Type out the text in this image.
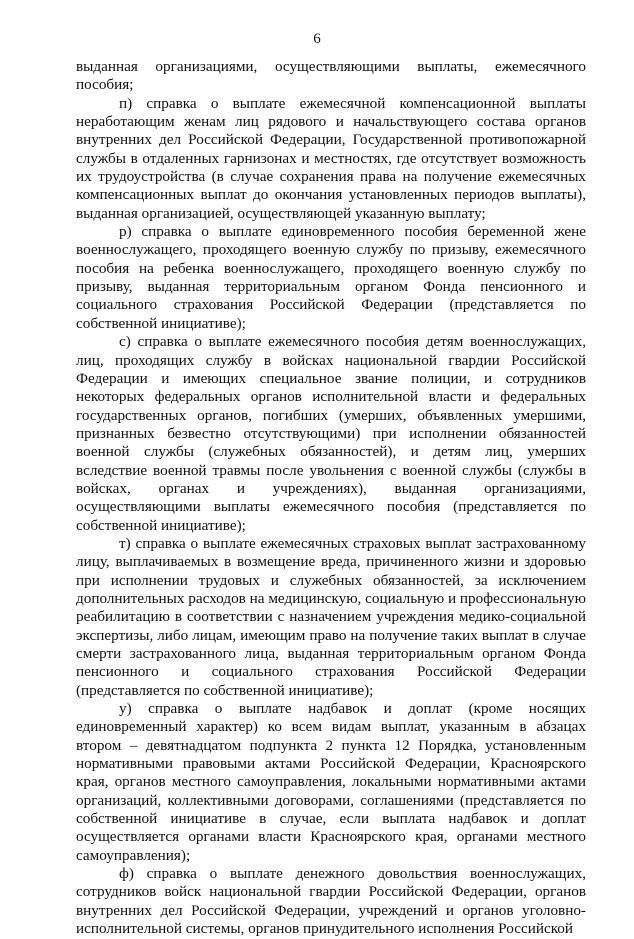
6

выданная организациями, осуществляющими выплаты, ежемесячного пособия;

п) справка о выплате ежемесячной компенсационной выплаты неработающим женам лиц рядового и начальствующего состава органов внутренних дел Российской Федерации, Государственной противопожарной службы в отдаленных гарнизонах и местностях, где отсутствует возможность их трудоустройства (в случае сохранения права на получение ежемесячных компенсационных выплат до окончания установленных периодов выплаты), выданная организацией, осуществляющей указанную выплату;

р) справка о выплате единовременного пособия беременной жене военнослужащего, проходящего военную службу по призыву, ежемесячного пособия на ребенка военнослужащего, проходящего военную службу по призыву, выданная территориальным органом Фонда пенсионного и социального страхования Российской Федерации (представляется по собственной инициативе);

с) справка о выплате ежемесячного пособия детям военнослужащих, лиц, проходящих службу в войсках национальной гвардии Российской Федерации и имеющих специальное звание полиции, и сотрудников некоторых федеральных органов исполнительной власти и федеральных государственных органов, погибших (умерших, объявленных умершими, признанных безвестно отсутствующими) при исполнении обязанностей военной службы (служебных обязанностей), и детям лиц, умерших вследствие военной травмы после увольнения с военной службы (службы в войсках, органах и учреждениях), выданная организациями, осуществляющими выплаты ежемесячного пособия (представляется по собственной инициативе);

т) справка о выплате ежемесячных страховых выплат застрахованному лицу, выплачиваемых в возмещение вреда, причиненного жизни и здоровью при исполнении трудовых и служебных обязанностей, за исключением дополнительных расходов на медицинскую, социальную и профессиональную реабилитацию в соответствии с назначением учреждения медико-социальной экспертизы, либо лицам, имеющим право на получение таких выплат в случае смерти застрахованного лица, выданная территориальным органом Фонда пенсионного и социального страхования Российской Федерации (представляется по собственной инициативе);

у) справка о выплате надбавок и доплат (кроме носящих единовременный характер) ко всем видам выплат, указанным в абзацах втором – девятнадцатом подпункта 2 пункта 12 Порядка, установленным нормативными правовыми актами Российской Федерации, Красноярского края, органов местного самоуправления, локальными нормативными актами организаций, коллективными договорами, соглашениями (представляется по собственной инициативе в случае, если выплата надбавок и доплат осуществляется органами власти Красноярского края, органами местного самоуправления);

ф) справка о выплате денежного довольствия военнослужащих, сотрудников войск национальной гвардии Российской Федерации, органов внутренних дел Российской Федерации, учреждений и органов уголовно-исполнительной системы, органов принудительного исполнения Российской
